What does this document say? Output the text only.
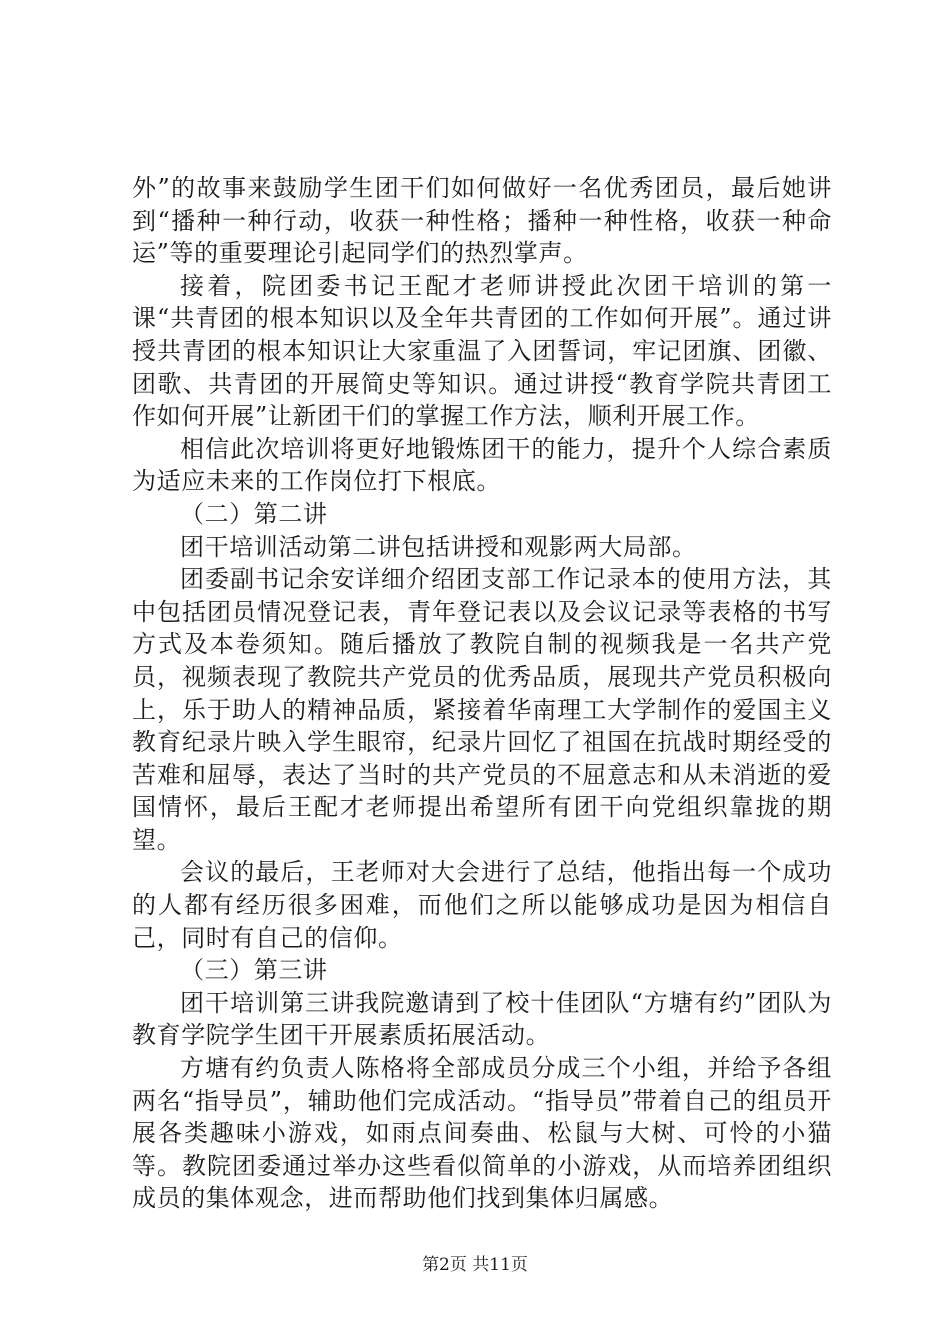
外”的故事来鼓励学生团干们如何做好一名优秀团员，最后她讲到“播种一种行动，收获一种性格；播种一种性格，收获一种命运”等的重要理论引起同学们的热烈掌声。

接着，院团委书记王配才老师讲授此次团干培训的第一课“共青团的根本知识以及全年共青团的工作如何开展”。通过讲授共青团的根本知识让大家重温了入团誓词，牢记团旗、团徽、团歌、共青团的开展简史等知识。通过讲授“教育学院共青团工作如何开展”让新团干们的掌握工作方法，顺利开展工作。

相信此次培训将更好地锻炼团干的能力，提升个人综合素质为适应未来的工作岗位打下根底。

（二）第二讲

团干培训活动第二讲包括讲授和观影两大局部。

团委副书记余安详细介绍团支部工作记录本的使用方法，其中包括团员情况登记表，青年登记表以及会议记录等表格的书写方式及本卷须知。随后播放了教院自制的视频我是一名共产党员，视频表现了教院共产党员的优秀品质，展现共产党员积极向上，乐于助人的精神品质，紧接着华南理工大学制作的爱国主义教育纪录片映入学生眼帘，纪录片回忆了祖国在抗战时期经受的苦难和屈辱，表达了当时的共产党员的不屈意志和从未消逝的爱国情怀，最后王配才老师提出希望所有团干向党组织靠拢的期望。

会议的最后，王老师对大会进行了总结，他指出每一个成功的人都有经历很多困难，而他们之所以能够成功是因为相信自己，同时有自己的信仰。

（三）第三讲

团干培训第三讲我院邀请到了校十佳团队“方塘有约”团队为教育学院学生团干开展素质拓展活动。

方塘有约负责人陈格将全部成员分成三个小组，并给予各组两名“指导员”，辅助他们完成活动。“指导员”带着自己的组员开展各类趣味小游戏，如雨点间奏曲、松鼠与大树、可怜的小猫等。教院团委通过举办这些看似简单的小游戏，从而培养团组织成员的集体观念，进而帮助他们找到集体归属感。

第2页 共11页
